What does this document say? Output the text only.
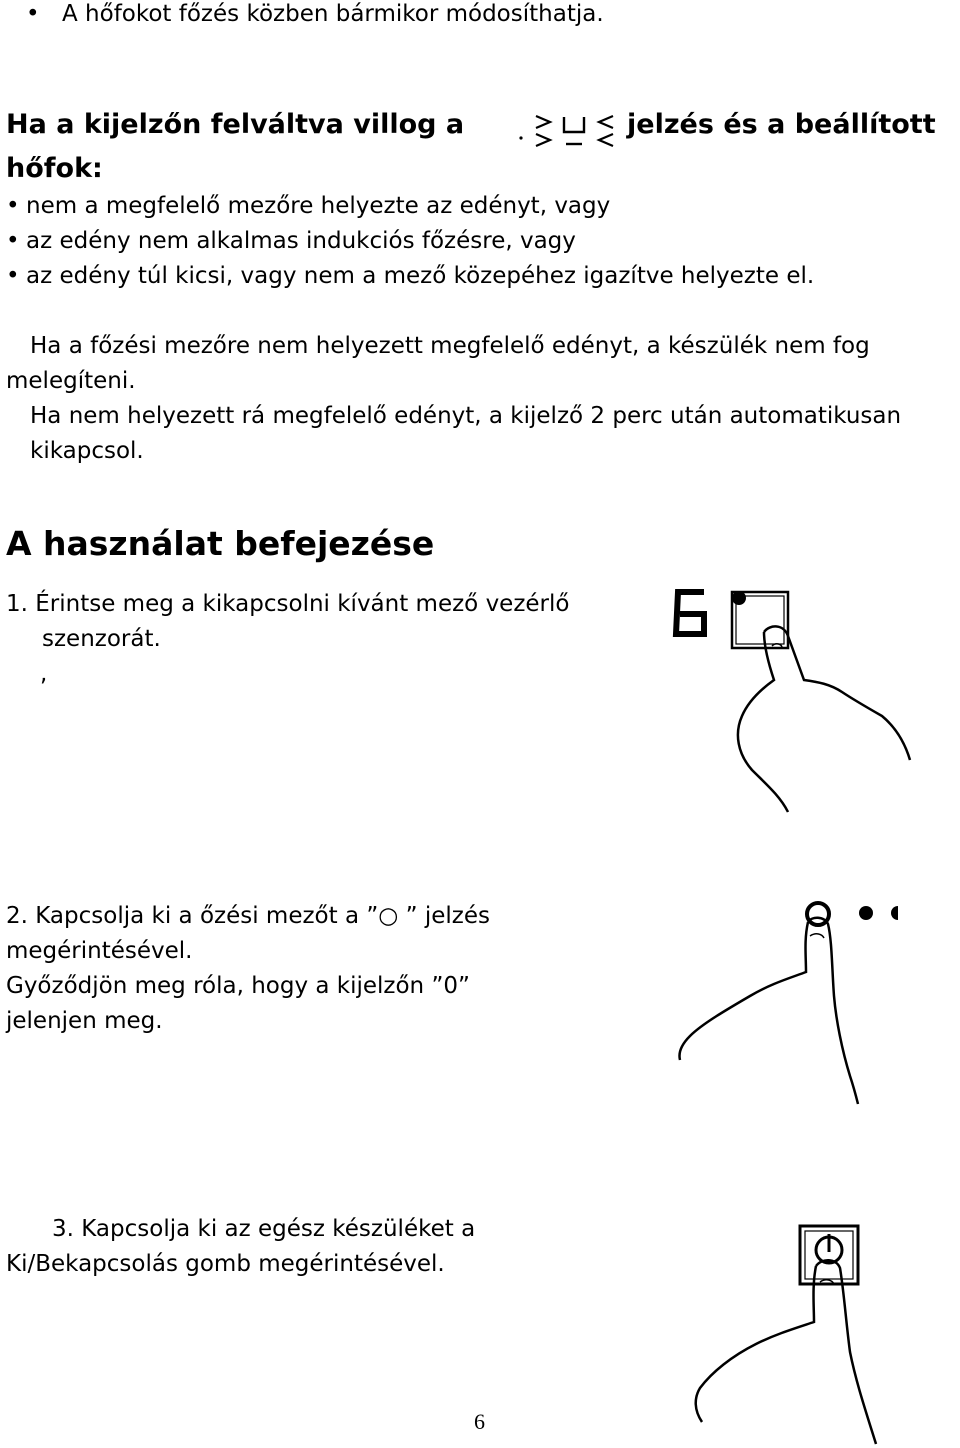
• A hőfokot főzés közben bármikor módosíthatja.
Ha a kijelzőn felváltva villog a	jelzés és a beállított
hőfok:
• nem a megfelelő mezőre helyezte az edényt, vagy
• az edény nem alkalmas indukciós főzésre, vagy
• az edény túl kicsi, vagy nem a mező közepéhez igazítve helyezte el.
Ha a főzési mezőre nem helyezett megfelelő edényt, a készülék nem fog
melegíteni.
Ha nem helyezett rá megfelelő edényt, a kijelző 2 perc után automatikusan
kikapcsol.
A használat befejezése
1. Érintse meg a kikapcsolni kívánt mező vezérlő
szenzorát.
,
2. Kapcsolja ki a őzési mezőt a ”○ ” jelzés
megérintésével.
Győződjön meg róla, hogy a kijelzőn ”0”
jelenjen meg.
3. Kapcsolja ki az egész készüléket a
Ki/Bekapcsolás gomb megérintésével.
6
